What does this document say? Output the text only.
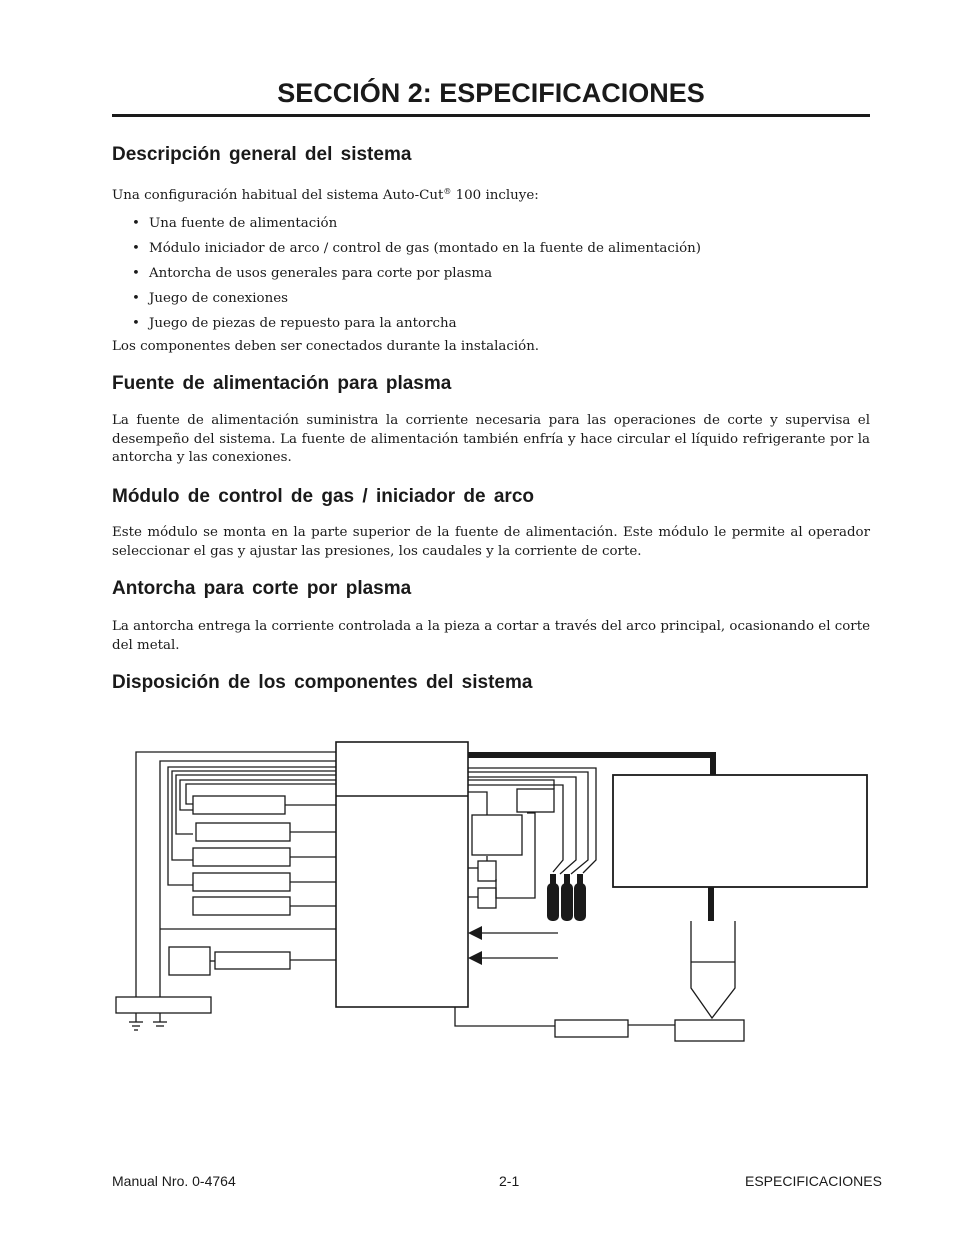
SECCIÓN 2: ESPECIFICACIONES
Descripción general del sistema

Una configuración habitual del sistema Auto-Cut® 100 incluye:

• Una fuente de alimentación
• Módulo iniciador de arco / control de gas (montado en la fuente de alimentación)
• Antorcha de usos generales para corte por plasma
• Juego de conexiones
• Juego de piezas de repuesto para la antorcha

Los componentes deben ser conectados durante la instalación.

Fuente de alimentación para plasma

La fuente de alimentación suministra la corriente necesaria para las operaciones de corte y supervisa el desempeño del sistema. La fuente de alimentación también enfría y hace circular el líquido refrigerante por la antorcha y las conexiones.

Módulo de control de gas / iniciador de arco

Este módulo se monta en la parte superior de la fuente de alimentación. Este módulo le permite al operador seleccionar el gas y ajustar las presiones, los caudales y la corriente de corte.

Antorcha para corte por plasma

La antorcha entrega la corriente controlada a la pieza a cortar a través del arco principal, ocasionando el corte del metal.

Disposición de los componentes del sistema

Manual Nro. 0-4764	2-1	ESPECIFICACIONES
